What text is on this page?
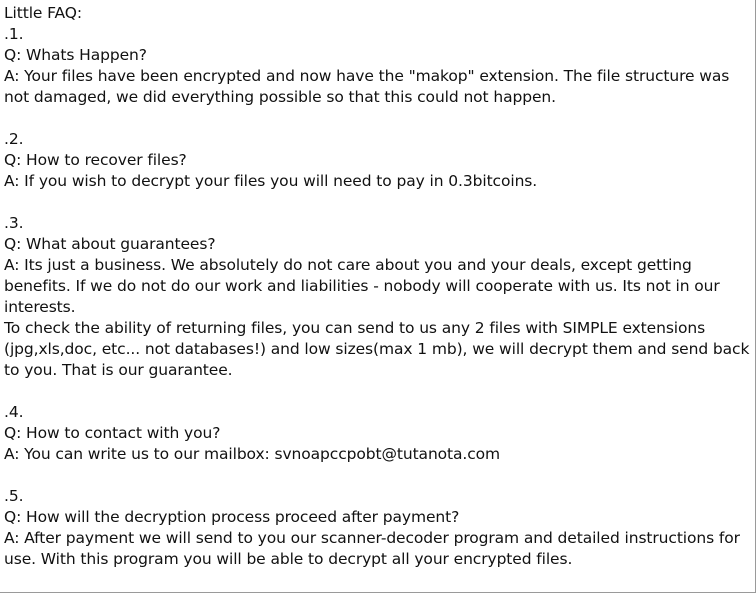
Little FAQ:
.1.
Q: Whats Happen?
A: Your files have been encrypted and now have the "makop" extension. The file structure was
not damaged, we did everything possible so that this could not happen.
.2.
Q: How to recover files?
A: If you wish to decrypt your files you will need to pay in 0.3bitcoins.
.3.
Q: What about guarantees?
A: Its just a business. We absolutely do not care about you and your deals, except getting
benefits. If we do not do our work and liabilities - nobody will cooperate with us. Its not in our
interests.
To check the ability of returning files, you can send to us any 2 files with SIMPLE extensions
(jpg,xls,doc, etc... not databases!) and low sizes(max 1 mb), we will decrypt them and send back
to you. That is our guarantee.
.4.
Q: How to contact with you?
A: You can write us to our mailbox: svnoapccpobt@tutanota.com
.5.
Q: How will the decryption process proceed after payment?
A: After payment we will send to you our scanner-decoder program and detailed instructions for
use. With this program you will be able to decrypt all your encrypted files.
